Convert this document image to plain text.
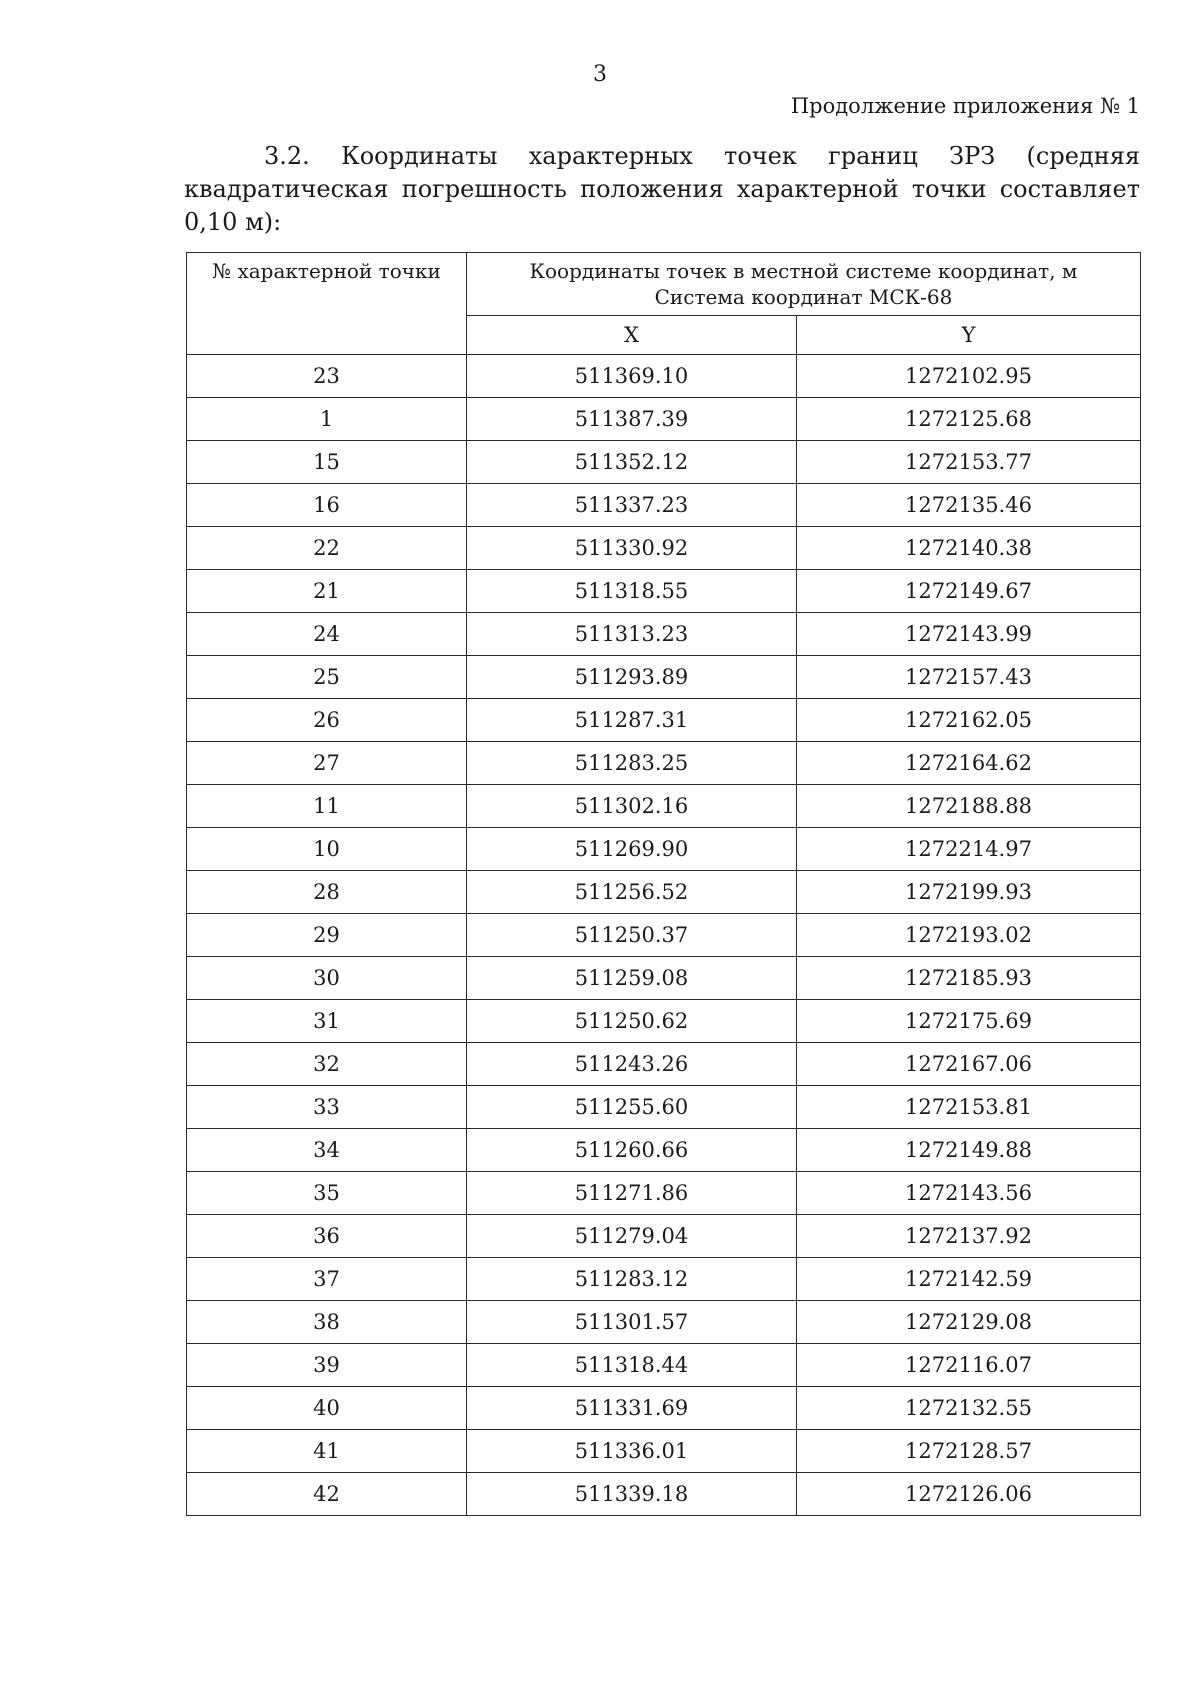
3
Продолжение приложения № 1
3.2. Координаты характерных точек границ ЗРЗ (средняя квадратическая погрешность положения характерной точки составляет 0,10 м):
№ характерной точки	Координаты точек в местной системе координат, м
Система координат МСК-68	

	X	Y
23	511369.10	1272102.95
1	511387.39	1272125.68
15	511352.12	1272153.77
16	511337.23	1272135.46
22	511330.92	1272140.38
21	511318.55	1272149.67
24	511313.23	1272143.99
25	511293.89	1272157.43
26	511287.31	1272162.05
27	511283.25	1272164.62
11	511302.16	1272188.88
10	511269.90	1272214.97
28	511256.52	1272199.93
29	511250.37	1272193.02
30	511259.08	1272185.93
31	511250.62	1272175.69
32	511243.26	1272167.06
33	511255.60	1272153.81
34	511260.66	1272149.88
35	511271.86	1272143.56
36	511279.04	1272137.92
37	511283.12	1272142.59
38	511301.57	1272129.08
39	511318.44	1272116.07
40	511331.69	1272132.55
41	511336.01	1272128.57
42	511339.18	1272126.06
